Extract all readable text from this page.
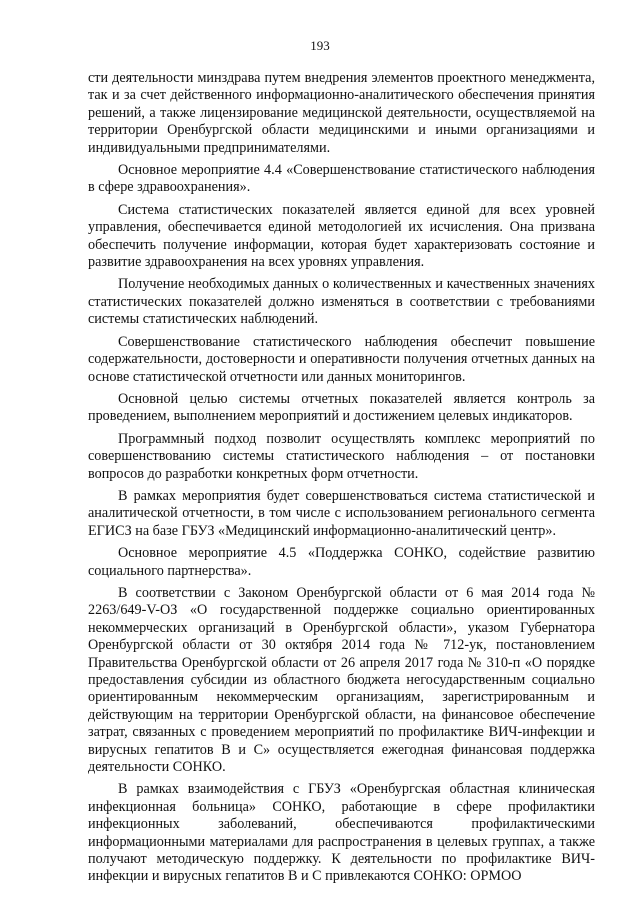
193

сти деятельности минздрава путем внедрения элементов проектного менеджмента, так и за счет действенного информационно-аналитического обеспечения принятия решений, а также лицензирование медицинской деятельности, осуществляемой на территории Оренбургской области медицинскими и иными организациями и индивидуальными предпринимателями.

Основное мероприятие 4.4 «Совершенствование статистического наблюдения в сфере здравоохранения».

Система статистических показателей является единой для всех уровней управления, обеспечивается единой методологией их исчисления. Она призвана обеспечить получение информации, которая будет характеризовать состояние и развитие здравоохранения на всех уровнях управления.

Получение необходимых данных о количественных и качественных значениях статистических показателей должно изменяться в соответствии с требованиями системы статистических наблюдений.

Совершенствование статистического наблюдения обеспечит повышение содержательности, достоверности и оперативности получения отчетных данных на основе статистической отчетности или данных мониторингов.

Основной целью системы отчетных показателей является контроль за проведением, выполнением мероприятий и достижением целевых индикаторов.

Программный подход позволит осуществлять комплекс мероприятий по совершенствованию системы статистического наблюдения – от постановки вопросов до разработки конкретных форм отчетности.

В рамках мероприятия будет совершенствоваться система статистической и аналитической отчетности, в том числе с использованием регионального сегмента ЕГИСЗ на базе ГБУЗ «Медицинский информационно-аналитический центр».

Основное мероприятие 4.5 «Поддержка СОНКО, содействие развитию социального партнерства».

В соответствии с Законом Оренбургской области от 6 мая 2014 года № 2263/649-V-ОЗ «О государственной поддержке социально ориентированных некоммерческих организаций в Оренбургской области», указом Губернатора Оренбургской области от 30 октября 2014 года № 712-ук, постановлением Правительства Оренбургской области от 26 апреля 2017 года № 310-п «О порядке предоставления субсидии из областного бюджета негосударственным социально ориентированным некоммерческим организациям, зарегистрированным и действующим на территории Оренбургской области, на финансовое обеспечение затрат, связанных с проведением мероприятий по профилактике ВИЧ-инфекции и вирусных гепатитов В и С» осуществляется ежегодная финансовая поддержка деятельности СОНКО.

В рамках взаимодействия с ГБУЗ «Оренбургская областная клиническая инфекционная больница» СОНКО, работающие в сфере профилактики инфекционных заболеваний, обеспечиваются профилактическими информационными материалами для распространения в целевых группах, а также получают методическую поддержку. К деятельности по профилактике ВИЧ-инфекции и вирусных гепатитов В и С привлекаются СОНКО: ОРМОО
